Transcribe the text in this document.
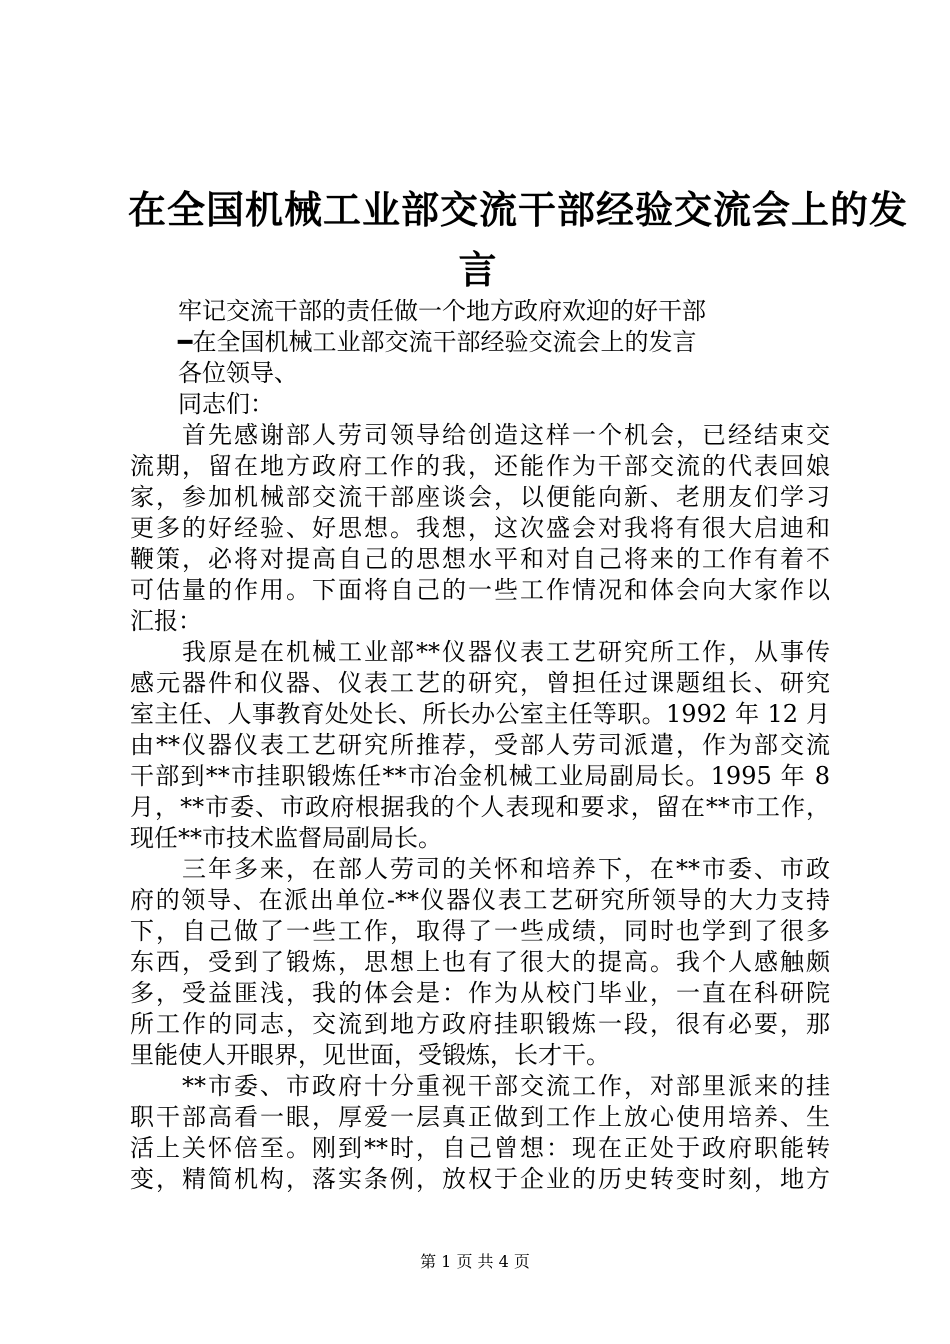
在全国机械工业部交流干部经验交流会上的发
言
牢记交流干部的责任做一个地方政府欢迎的好干部
━在全国机械工业部交流干部经验交流会上的发言
各位领导、
同志们：
首先感谢部人劳司领导给创造这样一个机会，已经结束交
流期，留在地方政府工作的我，还能作为干部交流的代表回娘
家，参加机械部交流干部座谈会，以便能向新、老朋友们学习
更多的好经验、好思想。我想，这次盛会对我将有很大启迪和
鞭策，必将对提高自己的思想水平和对自己将来的工作有着不
可估量的作用。下面将自己的一些工作情况和体会向大家作以
汇报：
我原是在机械工业部**仪器仪表工艺研究所工作，从事传
感元器件和仪器、仪表工艺的研究，曾担任过课题组长、研究
室主任、人事教育处处长、所长办公室主任等职。1992 年 12 月
由**仪器仪表工艺研究所推荐，受部人劳司派遣，作为部交流
干部到**市挂职锻炼任**市冶金机械工业局副局长。1995 年 8
月，**市委、市政府根据我的个人表现和要求，留在**市工作，
现任**市技术监督局副局长。
三年多来，在部人劳司的关怀和培养下，在**市委、市政
府的领导、在派出单位-**仪器仪表工艺研究所领导的大力支持
下，自己做了一些工作，取得了一些成绩，同时也学到了很多
东西，受到了锻炼，思想上也有了很大的提高。我个人感触颇
多，受益匪浅，我的体会是：作为从校门毕业，一直在科研院
所工作的同志，交流到地方政府挂职锻炼一段，很有必要，那
里能使人开眼界，见世面，受锻炼，长才干。
**市委、市政府十分重视干部交流工作，对部里派来的挂
职干部高看一眼，厚爱一层真正做到工作上放心使用培养、生
活上关怀倍至。刚到**时，自己曾想：现在正处于政府职能转
变，精简机构，落实条例，放权于企业的历史转变时刻，地方
第 1 页 共 4 页
